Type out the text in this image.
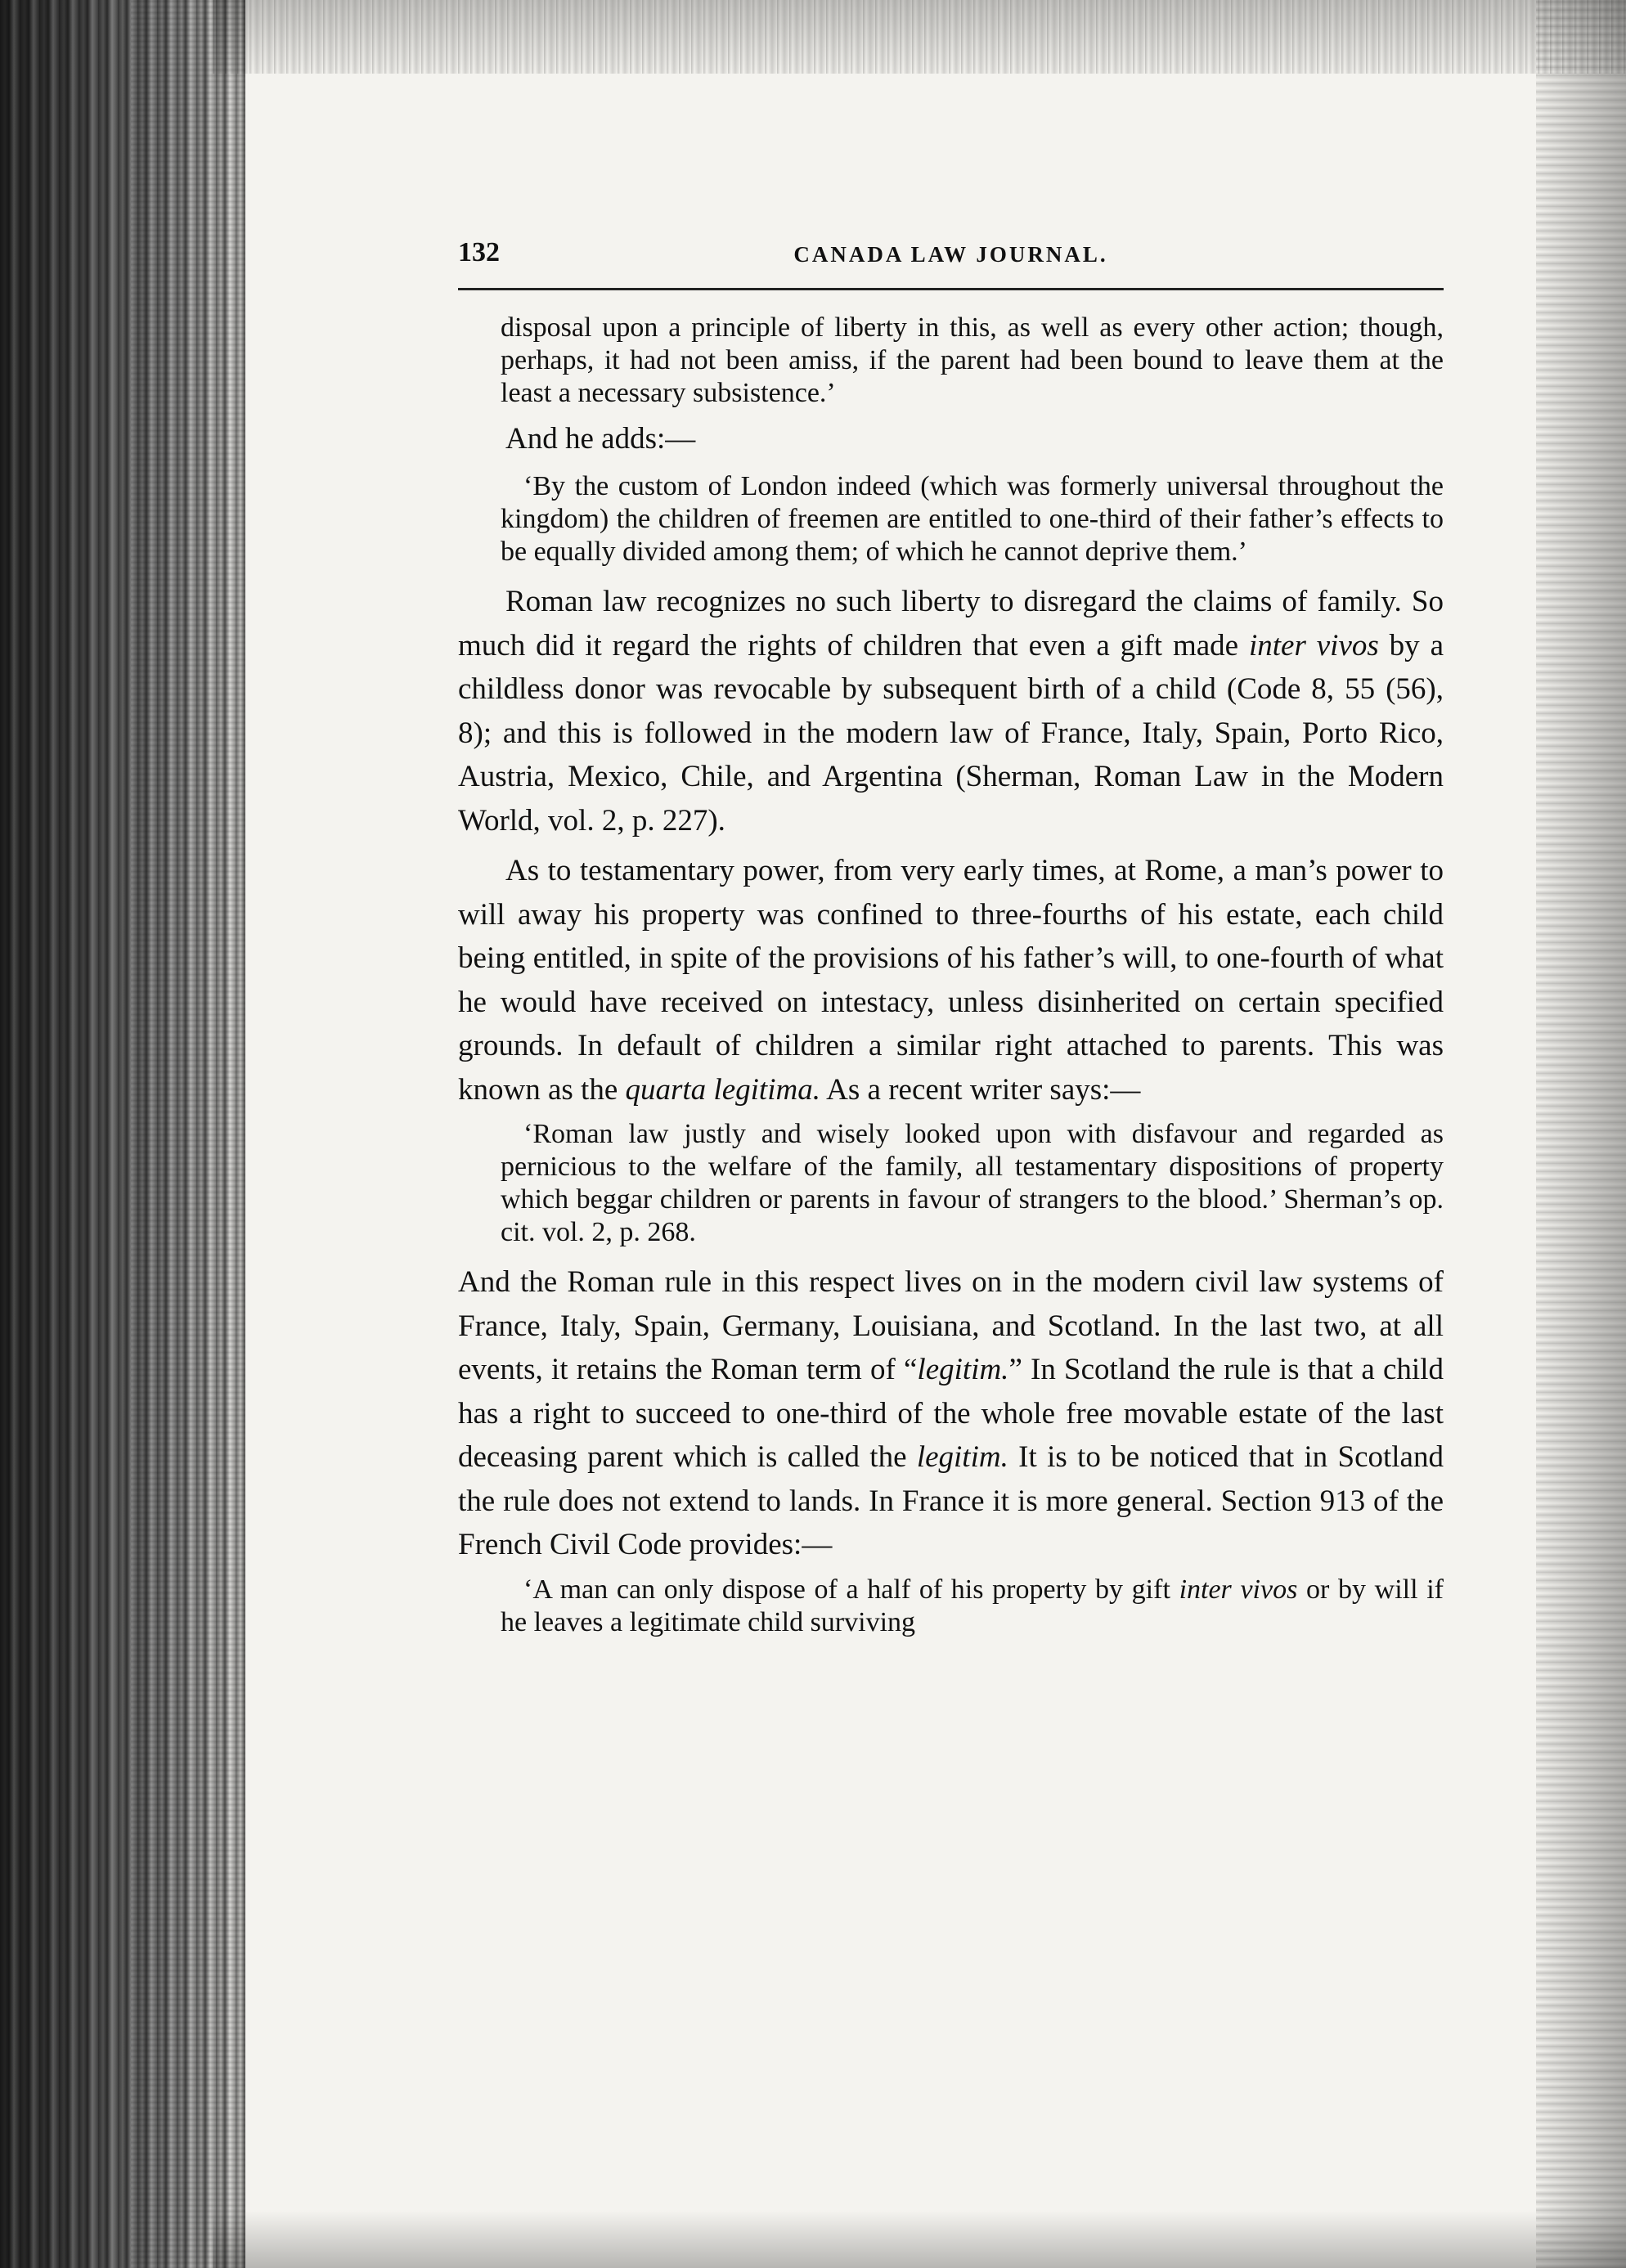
132	CANADA LAW JOURNAL.

disposal upon a principle of liberty in this, as well as every other action; though, perhaps, it had not been amiss, if the parent had been bound to leave them at the least a necessary subsistence.’

And he adds:—

‘By the custom of London indeed (which was formerly universal throughout the kingdom) the children of freemen are entitled to one-third of their father’s effects to be equally divided among them; of which he cannot deprive them.’

Roman law recognizes no such liberty to disregard the claims of family. So much did it regard the rights of children that even a gift made inter vivos by a childless donor was revocable by subsequent birth of a child (Code 8, 55 (56), 8); and this is followed in the modern law of France, Italy, Spain, Porto Rico, Austria, Mexico, Chile, and Argentina (Sherman, Roman Law in the Modern World, vol. 2, p. 227).

As to testamentary power, from very early times, at Rome, a man’s power to will away his property was confined to three-fourths of his estate, each child being entitled, in spite of the provisions of his father’s will, to one-fourth of what he would have received on intestacy, unless disinherited on certain specified grounds. In default of children a similar right attached to parents. This was known as the quarta legitima. As a recent writer says:—

‘Roman law justly and wisely looked upon with disfavour and regarded as pernicious to the welfare of the family, all testamentary dispositions of property which beggar children or parents in favour of strangers to the blood.’ Sherman’s op. cit. vol. 2, p. 268.

And the Roman rule in this respect lives on in the modern civil law systems of France, Italy, Spain, Germany, Louisiana, and Scotland. In the last two, at all events, it retains the Roman term of “legitim.” In Scotland the rule is that a child has a right to succeed to one-third of the whole free movable estate of the last deceasing parent which is called the legitim. It is to be noticed that in Scotland the rule does not extend to lands. In France it is more general. Section 913 of the French Civil Code provides:—

‘A man can only dispose of a half of his property by gift inter vivos or by will if he leaves a legitimate child surviving
